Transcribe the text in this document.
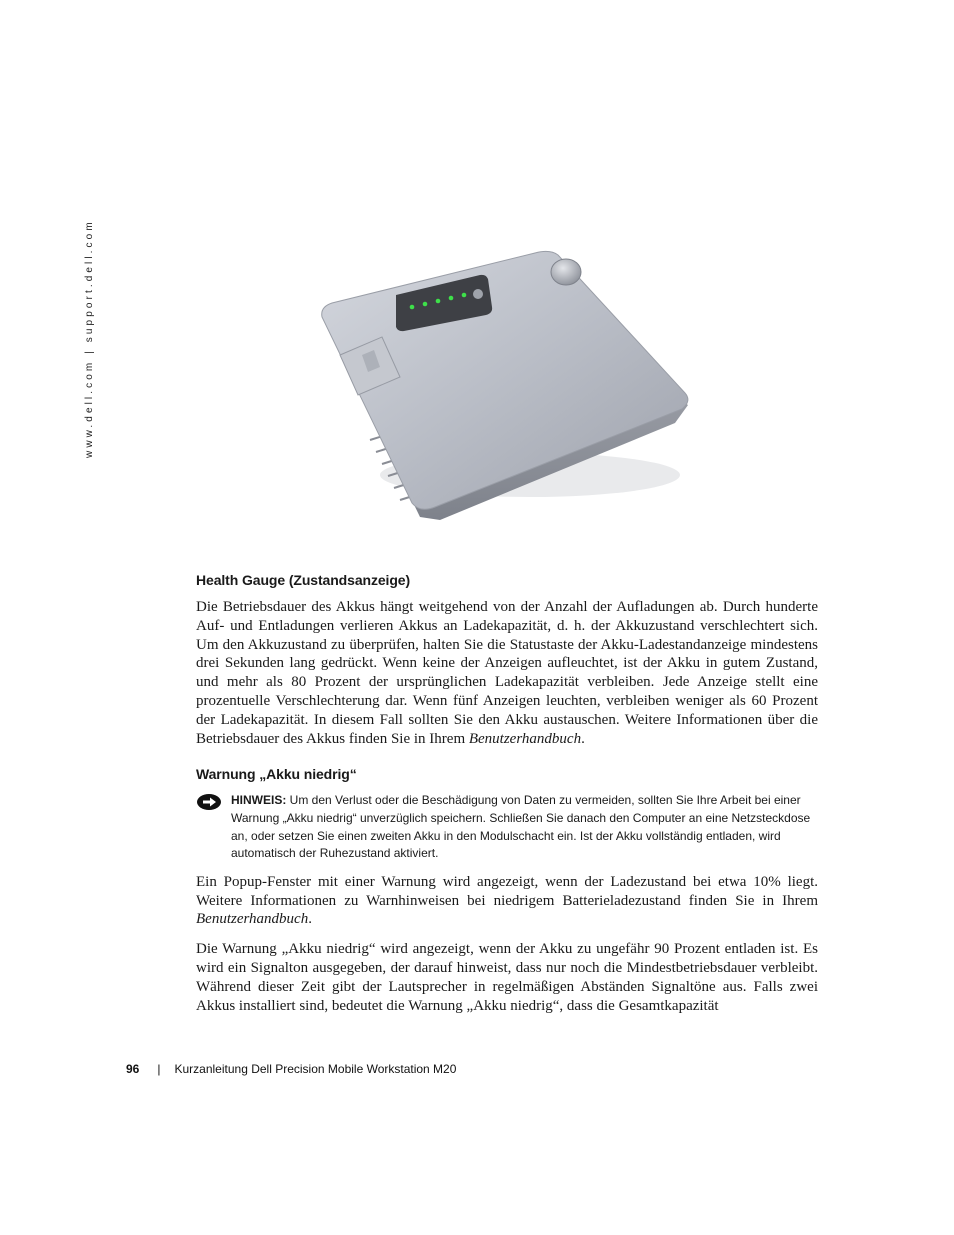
www.dell.com | support.dell.com
Health Gauge (Zustandsanzeige)

Die Betriebsdauer des Akkus hängt weitgehend von der Anzahl der Aufladungen ab. Durch hunderte Auf- und Entladungen verlieren Akkus an Ladekapazität, d. h. der Akkuzustand verschlechtert sich. Um den Akkuzustand zu überprüfen, halten Sie die Statustaste der Akku-Ladestandanzeige mindestens drei Sekunden lang gedrückt. Wenn keine der Anzeigen aufleuchtet, ist der Akku in gutem Zustand, und mehr als 80 Prozent der ursprünglichen Ladekapazität verbleiben. Jede Anzeige stellt eine prozentuelle Verschlechterung dar. Wenn fünf Anzeigen leuchten, verbleiben weniger als 60 Prozent der Ladekapazität. In diesem Fall sollten Sie den Akku austauschen. Weitere Informationen über die Betriebsdauer des Akkus finden Sie in Ihrem Benutzerhandbuch.

Warnung „Akku niedrig“
HINWEIS: Um den Verlust oder die Beschädigung von Daten zu vermeiden, sollten Sie Ihre Arbeit bei einer Warnung „Akku niedrig“ unverzüglich speichern. Schließen Sie danach den Computer an eine Netzsteckdose an, oder setzen Sie einen zweiten Akku in den Modulschacht ein. Ist der Akku vollständig entladen, wird automatisch der Ruhezustand aktiviert.

Ein Popup-Fenster mit einer Warnung wird angezeigt, wenn der Ladezustand bei etwa 10% liegt. Weitere Informationen zu Warnhinweisen bei niedrigem Batterieladezustand finden Sie in Ihrem Benutzerhandbuch.

Die Warnung „Akku niedrig“ wird angezeigt, wenn der Akku zu ungefähr 90 Prozent entladen ist. Es wird ein Signalton ausgegeben, der darauf hinweist, dass nur noch die Mindestbetriebsdauer verbleibt. Während dieser Zeit gibt der Lautsprecher in regelmäßigen Abständen Signaltöne aus. Falls zwei Akkus installiert sind, bedeutet die Warnung „Akku niedrig“, dass die Gesamtkapazität

96 | Kurzanleitung Dell Precision Mobile Workstation M20
